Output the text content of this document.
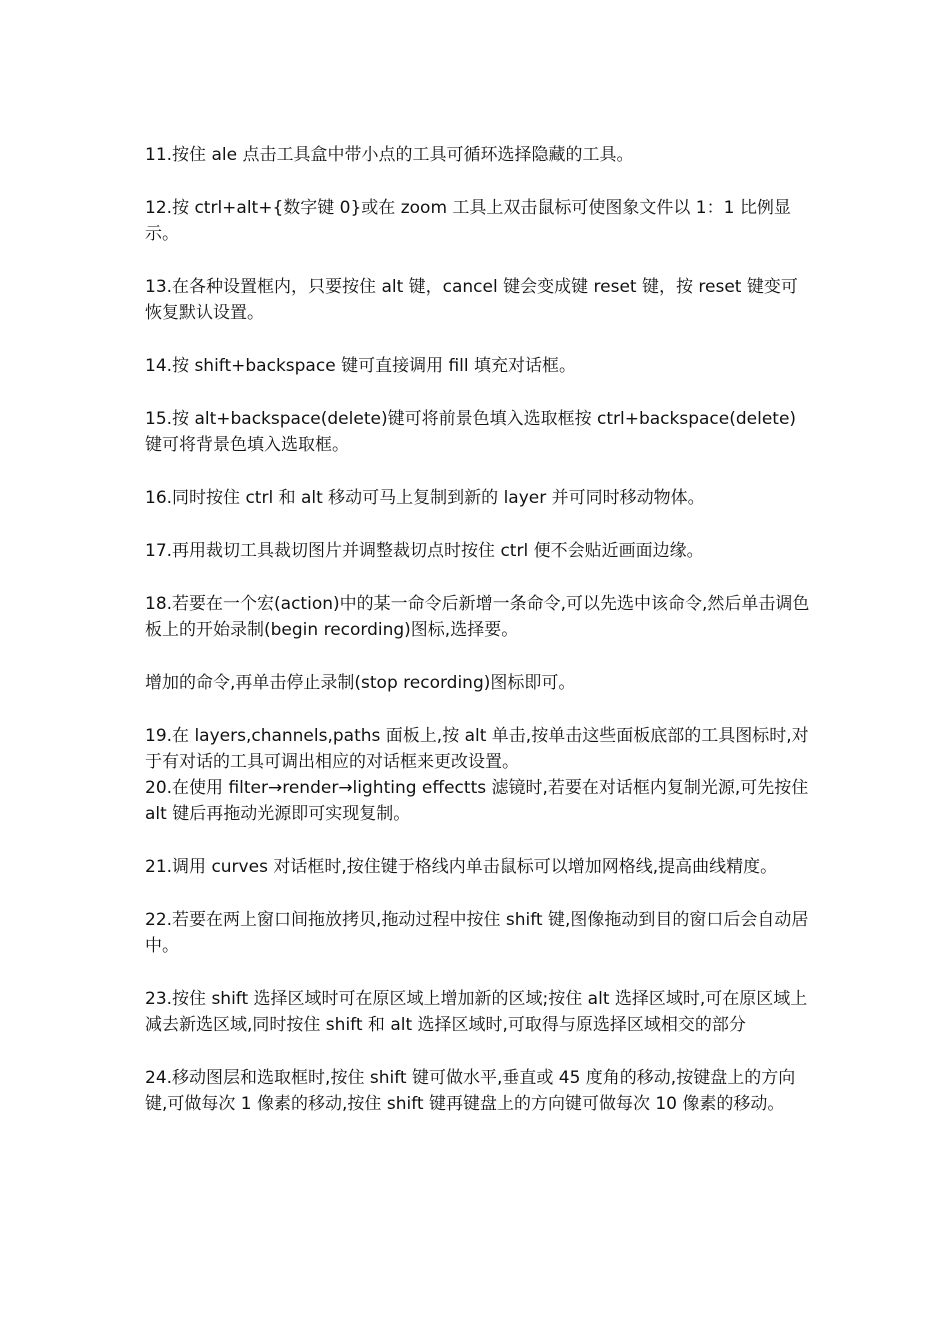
11.按住 ale 点击工具盒中带小点的工具可循环选择隐藏的工具。

12.按 ctrl+alt+{数字键 0}或在 zoom 工具上双击鼠标可使图象文件以 1：1 比例显示。

13.在各种设置框内，只要按住 alt 键，cancel 键会变成键 reset 键，按 reset 键变可恢复默认设置。

14.按 shift+backspace 键可直接调用 fill 填充对话框。

15.按 alt+backspace(delete)键可将前景色填入选取框按 ctrl+backspace(delete)键可将背景色填入选取框。

16.同时按住 ctrl 和 alt 移动可马上复制到新的 layer 并可同时移动物体。

17.再用裁切工具裁切图片并调整裁切点时按住 ctrl 便不会贴近画面边缘。

18.若要在一个宏(action)中的某一命令后新增一条命令,可以先选中该命令,然后单击调色板上的开始录制(begin recording)图标,选择要。

增加的命令,再单击停止录制(stop recording)图标即可。

19.在 layers,channels,paths 面板上,按 alt 单击,按单击这些面板底部的工具图标时,对于有对话的工具可调出相应的对话框来更改设置。

20.在使用 filter→render→lighting effectts 滤镜时,若要在对话框内复制光源,可先按住 alt 键后再拖动光源即可实现复制。

21.调用 curves 对话框时,按住键于格线内单击鼠标可以增加网格线,提高曲线精度。

22.若要在两上窗口间拖放拷贝,拖动过程中按住 shift 键,图像拖动到目的窗口后会自动居中。

23.按住 shift 选择区域时可在原区域上增加新的区域;按住 alt 选择区域时,可在原区域上减去新选区域,同时按住 shift 和 alt 选择区域时,可取得与原选择区域相交的部分

24.移动图层和选取框时,按住 shift 键可做水平,垂直或 45 度角的移动,按键盘上的方向键,可做每次 1 像素的移动,按住 shift 键再键盘上的方向键可做每次 10 像素的移动。
